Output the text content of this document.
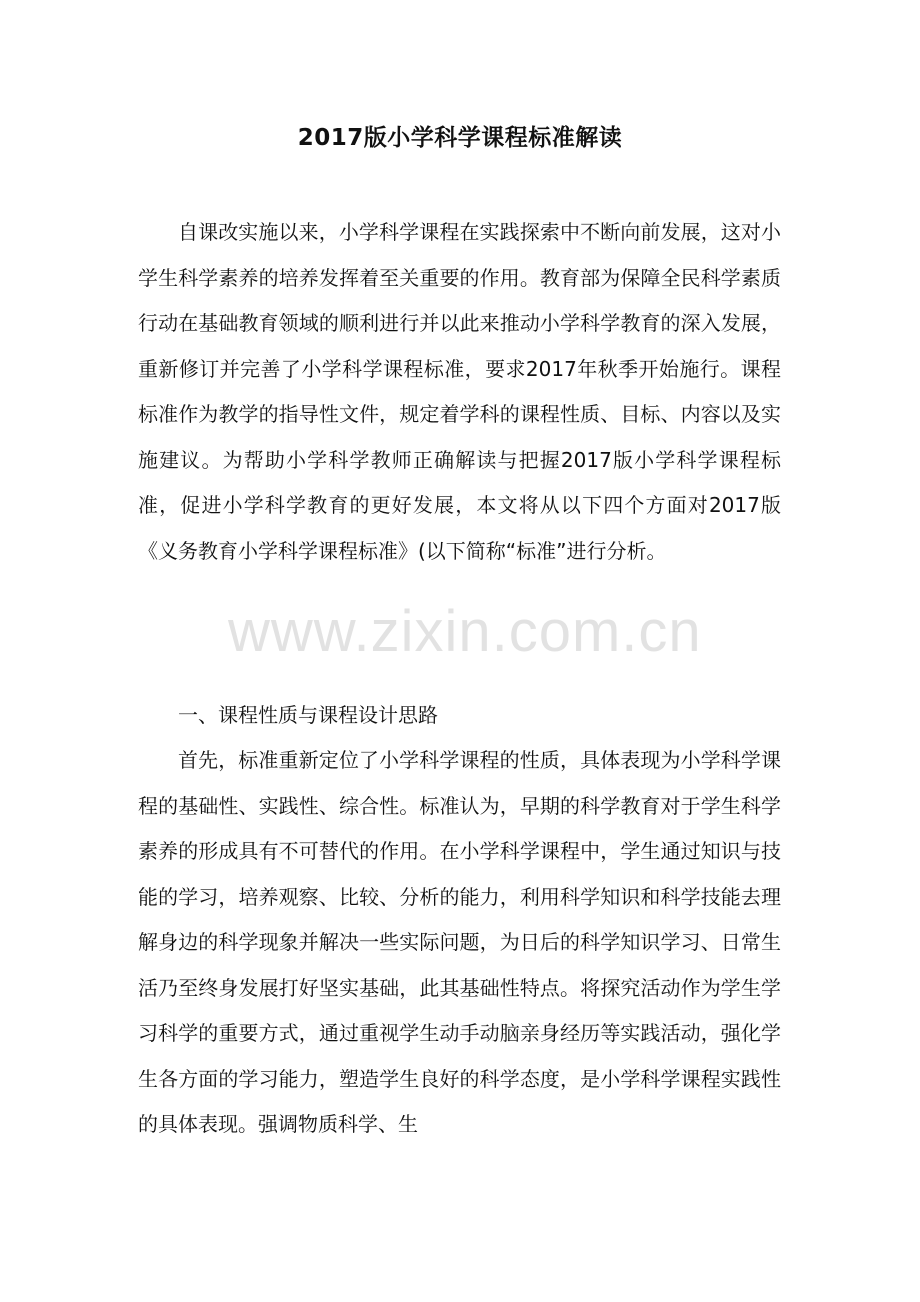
2017版小学科学课程标准解读

自课改实施以来，小学科学课程在实践探索中不断向前发展，这对小学生科学素养的培养发挥着至关重要的作用。教育部为保障全民科学素质行动在基础教育领域的顺利进行并以此来推动小学科学教育的深入发展，重新修订并完善了小学科学课程标准，要求2017年秋季开始施行。课程标准作为教学的指导性文件，规定着学科的课程性质、目标、内容以及实施建议。为帮助小学科学教师正确解读与把握2017版小学科学课程标准，促进小学科学教育的更好发展，本文将从以下四个方面对2017版《义务教育小学科学课程标准》(以下简称“标准”进行分析。

一、课程性质与课程设计思路

首先，标准重新定位了小学科学课程的性质，具体表现为小学科学课程的基础性、实践性、综合性。标准认为，早期的科学教育对于学生科学素养的形成具有不可替代的作用。在小学科学课程中，学生通过知识与技能的学习，培养观察、比较、分析的能力，利用科学知识和科学技能去理解身边的科学现象并解决一些实际问题，为日后的科学知识学习、日常生活乃至终身发展打好坚实基础，此其基础性特点。将探究活动作为学生学习科学的重要方式，通过重视学生动手动脑亲身经历等实践活动，强化学生各方面的学习能力，塑造学生良好的科学态度，是小学科学课程实践性的具体表现。强调物质科学、生

www.zixin.com.cn
